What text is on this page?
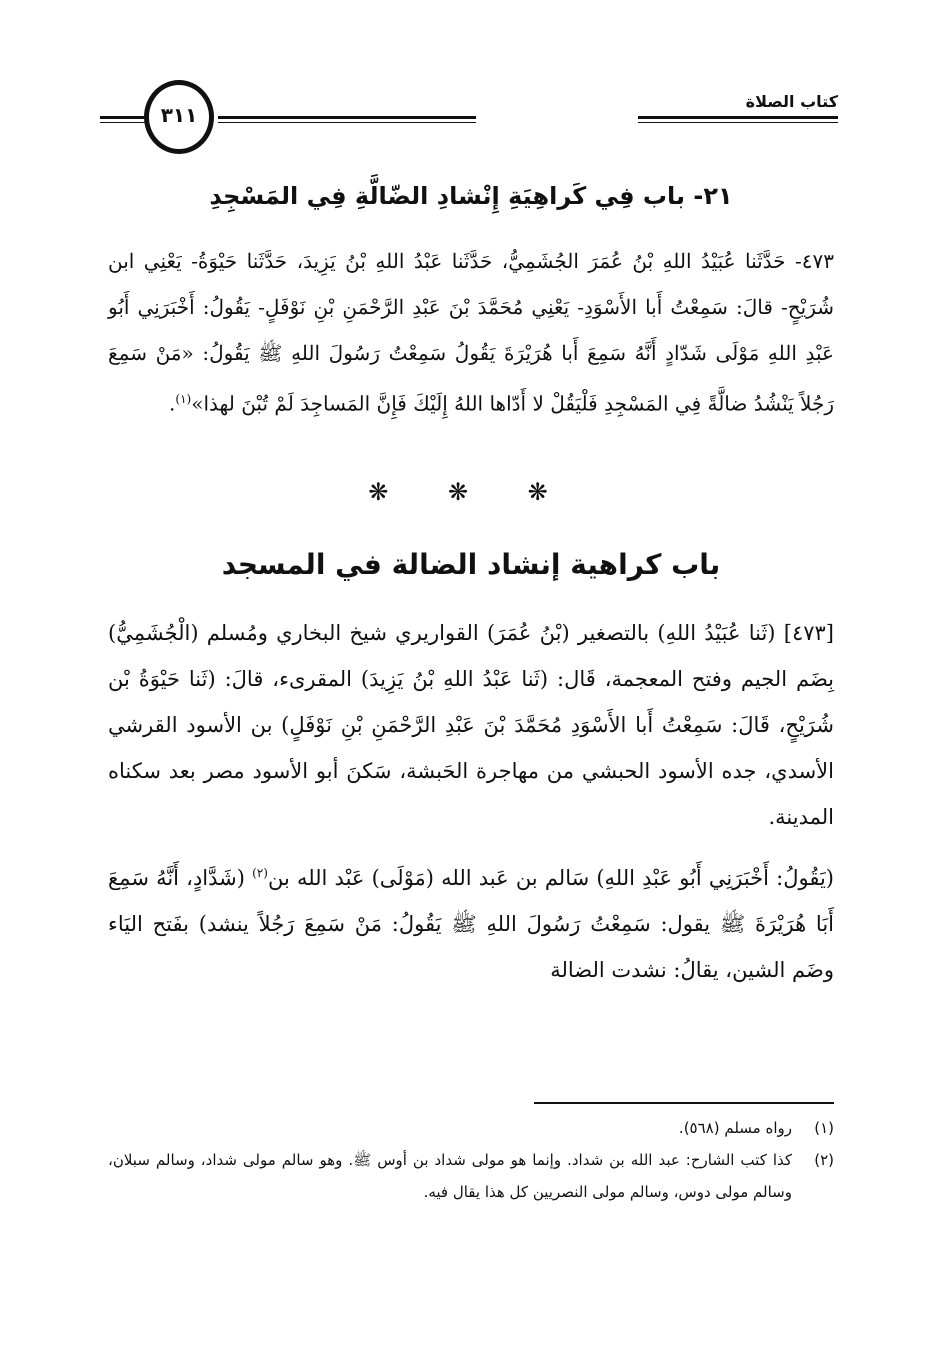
كتاب الصلاة
٣١١
٢١- باب فِي كَراهِيَةِ إِنْشادِ الضّالَّةِ فِي المَسْجِدِ
٤٧٣- حَدَّثَنا عُبَيْدُ اللهِ بْنُ عُمَرَ الجُشَمِيُّ، حَدَّثَنا عَبْدُ اللهِ بْنُ يَزِيدَ، حَدَّثَنا حَيْوَةُ- يَعْنِي ابن شُرَيْحٍ- قالَ: سَمِعْتُ أَبا الأَسْوَدِ- يَعْنِي مُحَمَّدَ بْنَ عَبْدِ الرَّحْمَنِ بْنِ نَوْفَلٍ- يَقُولُ: أَخْبَرَنِي أَبُو عَبْدِ اللهِ مَوْلَى شَدّادٍ أَنَّهُ سَمِعَ أَبا هُرَيْرَةَ يَقُولُ سَمِعْتُ رَسُولَ اللهِ ﷺ يَقُولُ: «مَنْ سَمِعَ رَجُلاً يَنْشُدُ ضالَّةً فِي المَسْجِدِ فَلْيَقُلْ لا أَدّاها اللهُ إِلَيْكَ فَإِنَّ المَساجِدَ لَمْ تُبْنَ لهذا»$^{(١)}$.
❋ ❋ ❋
باب كراهية إنشاد الضالة في المسجد

[٤٧٣] (ثَنا عُبَيْدُ اللهِ) بالتصغير (بْنُ عُمَرَ) القواريري شيخ البخاري ومُسلم (الْجُشَمِيُّ) بِضَم الجيم وفتح المعجمة، قَال: (ثَنا عَبْدُ اللهِ بْنُ يَزِيدَ) المقرىء، قالَ: (ثَنا حَيْوَةُ بْن شُرَيْحٍ، قَالَ: سَمِعْتُ أَبا الأَسْوَدِ مُحَمَّدَ بْنَ عَبْدِ الرَّحْمَنِ بْنِ نَوْفَلٍ) بن الأسود القرشي الأسدي، جده الأسود الحبشي من مهاجرة الحَبشة، سَكنَ أبو الأسود مصر بعد سكناه المدينة.

(يَقُولُ: أَخْبَرَنِي أَبُو عَبْدِ اللهِ) سَالم بن عَبد الله (مَوْلَى) عَبْد الله بن$^{(٢)}$ (شَدَّادٍ، أَنَّهُ سَمِعَ أَبَا هُرَيْرَةَ ﷺ يقول: سَمِعْتُ رَسُولَ اللهِ ﷺ يَقُولُ: مَنْ سَمِعَ رَجُلاً ينشد) بفَتح اليَاء وضَم الشين، يقالُ: نشدت الضالة

(١)
رواه مسلم (٥٦٨).

(٢)
كذا كتب الشارح: عبد الله بن شداد. وإنما هو مولى شداد بن أوس ﷺ. وهو سالم مولى شداد، وسالم سبلان، وسالم مولى دوس، وسالم مولى النصريين كل هذا يقال فيه.
